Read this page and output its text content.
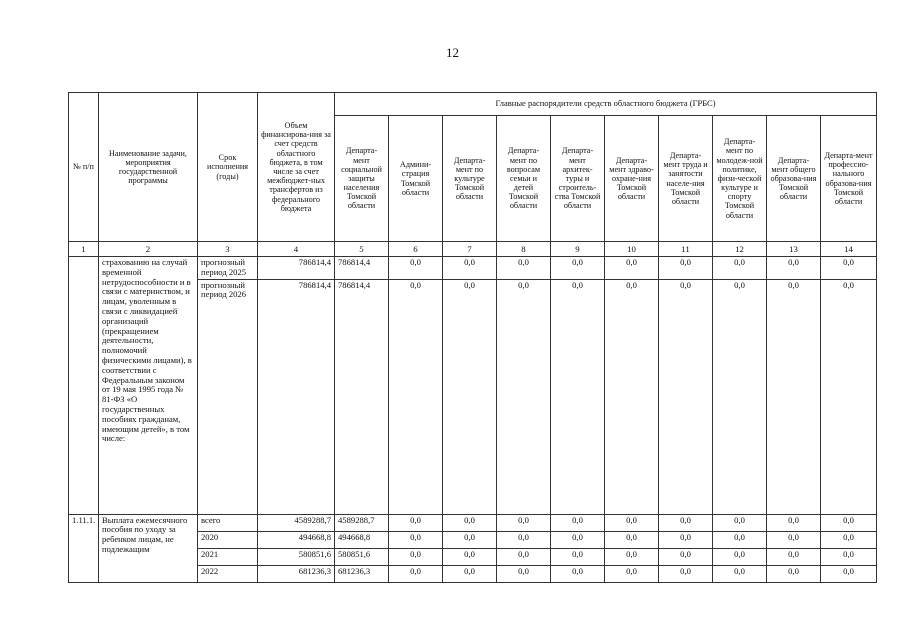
12
№ п/п	Наименование задачи, мероприятия государственной программы	Срок исполнения (годы)	Объем финансирова-ния за счет средств областного бюджета, в том числе за счет межбюджет-ных трансфертов из федерального бюджета	Главные распорядители средств областного бюджета (ГРБС)									
				Департа-мент социальной защиты населения Томской области	Админи-страция Томской области	Департа-мент по культуре Томской области	Департа-мент по вопросам семьи и детей Томской области	Департа-мент архитек-туры и строитель-ства Томской области	Департа-мент здраво-охране-ния Томской области	Департа-мент труда и занятости населе-ния Томской области	Департа-мент по молодеж-ной политике, физи-ческой культуре и спорту Томской области	Департа-мент общего образова-ния Томской области	Департа-мент профессио-нального образова-ния Томской области
1	2	3	4	5	6	7	8	9	10	11	12	13	14
	страхованию на случай временной нетрудоспособности и в связи с материнством, и лицам, уволенным в связи с ликвидацией организаций (прекращением деятельности, полномочий физическими лицами), в соответствии с Федеральным законом от 19 мая 1995 года № 81-ФЗ «О государственных пособиях гражданам, имеющим детей», в том числе:	прогнозный период 2025	786814,4	786814,4	0,0	0,0	0,0	0,0	0,0	0,0	0,0	0,0	0,0
		прогнозный период 2026	786814,4	786814,4	0,0	0,0	0,0	0,0	0,0	0,0	0,0	0,0	0,0
1.11.1.	Выплата ежемесячного пособия по уходу за ребенком лицам, не подлежащим	всего	4589288,7	4589288,7	0,0	0,0	0,0	0,0	0,0	0,0	0,0	0,0	0,0
		2020	494668,8	494668,8	0,0	0,0	0,0	0,0	0,0	0,0	0,0	0,0	0,0
		2021	580851,6	580851,6	0,0	0,0	0,0	0,0	0,0	0,0	0,0	0,0	0,0
		2022	681236,3	681236,3	0,0	0,0	0,0	0,0	0,0	0,0	0,0	0,0	0,0
